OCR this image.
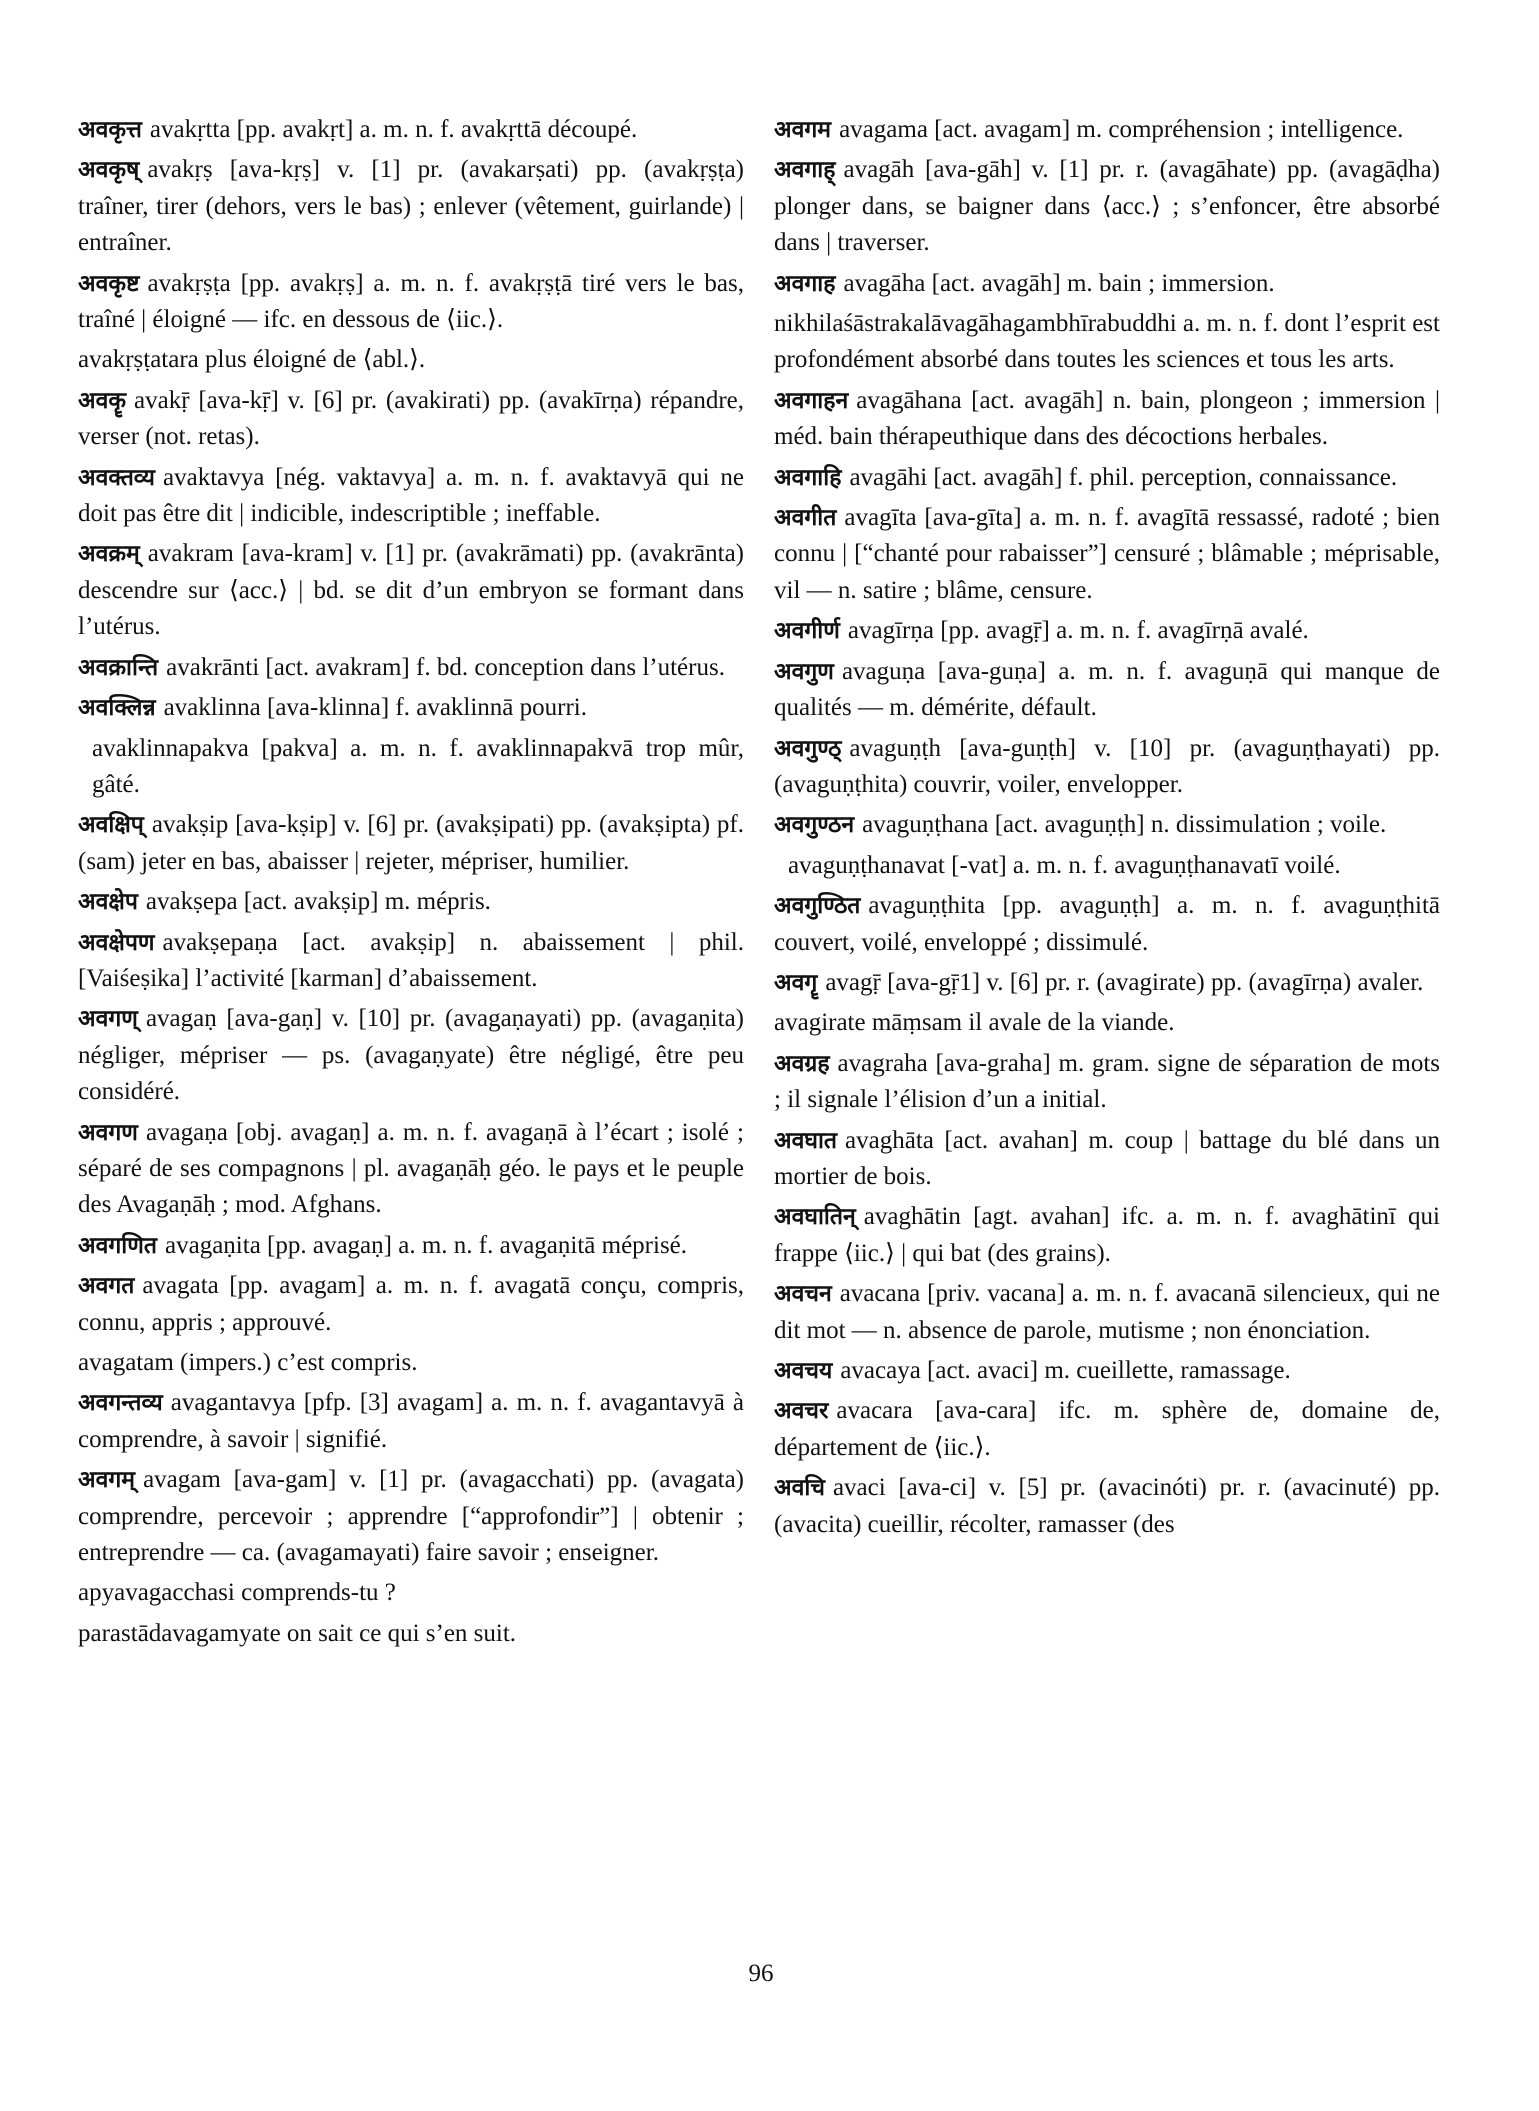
अवकृत्त avakṛtta [pp. avakṛt] a. m. n. f. avakṛttā découpé.

अवकृष् avakṛṣ [ava-kṛṣ] v. [1] pr. (avakarṣati) pp. (avakṛṣṭa) traîner, tirer (dehors, vers le bas) ; enlever (vêtement, guirlande) | entraîner.

अवकृष्ट avakṛṣṭa [pp. avakṛṣ] a. m. n. f. avakṛṣṭā tiré vers le bas, traîné | éloigné — ifc. en dessous de ⟨iic.⟩.

avakṛṣṭatara plus éloigné de ⟨abl.⟩.

अवकॄ avakṝ [ava-kṝ] v. [6] pr. (avakirati) pp. (avakīrṇa) répandre, verser (not. retas).

अवक्तव्य avaktavya [nég. vaktavya] a. m. n. f. avaktavyā qui ne doit pas être dit | indicible, indescriptible ; ineffable.

अवक्रम् avakram [ava-kram] v. [1] pr. (avakrāmati) pp. (avakrānta) descendre sur ⟨acc.⟩ | bd. se dit d’un embryon se formant dans l’utérus.

अवक्रान्ति avakrānti [act. avakram] f. bd. conception dans l’utérus.

अवक्लिन्न avaklinna [ava-klinna] f. avaklinnā pourri.

avaklinnapakva [pakva] a. m. n. f. avaklinnapakvā trop mûr, gâté.

अवक्षिप् avakṣip [ava-kṣip] v. [6] pr. (avakṣipati) pp. (avakṣipta) pf. (sam) jeter en bas, abaisser | rejeter, mépriser, humilier.

अवक्षेप avakṣepa [act. avakṣip] m. mépris.

अवक्षेपण avakṣepaṇa [act. avakṣip] n. abaissement | phil. [Vaiśeṣika] l’activité [karman] d’abaissement.

अवगण् avagaṇ [ava-gaṇ] v. [10] pr. (avagaṇayati) pp. (avagaṇita) négliger, mépriser — ps. (avagaṇyate) être négligé, être peu considéré.

अवगण avagaṇa [obj. avagaṇ] a. m. n. f. avagaṇā à l’écart ; isolé ; séparé de ses compagnons | pl. avagaṇāḥ géo. le pays et le peuple des Avagaṇāḥ ; mod. Afghans.

अवगणित avagaṇita [pp. avagaṇ] a. m. n. f. avagaṇitā méprisé.

अवगत avagata [pp. avagam] a. m. n. f. avagatā conçu, compris, connu, appris ; approuvé.

avagatam (impers.) c’est compris.

अवगन्तव्य avagantavya [pfp. [3] avagam] a. m. n. f. avagantavyā à comprendre, à savoir | signifié.

अवगम् avagam [ava-gam] v. [1] pr. (avagacchati) pp. (avagata) comprendre, percevoir ; apprendre [“approfondir”] | obtenir ; entreprendre — ca. (avagamayati) faire savoir ; enseigner.

apyavagacchasi comprends-tu ?

parastādavagamyate on sait ce qui s’en suit.

अवगम avagama [act. avagam] m. compréhension ; intelligence.

अवगाह् avagāh [ava-gāh] v. [1] pr. r. (avagāhate) pp. (avagāḍha) plonger dans, se baigner dans ⟨acc.⟩ ; s’enfoncer, être absorbé dans | traverser.

अवगाह avagāha [act. avagāh] m. bain ; immersion.

nikhilaśāstrakalāvagāhagambhīrabuddhi a. m. n. f. dont l’esprit est profondément absorbé dans toutes les sciences et tous les arts.

अवगाहन avagāhana [act. avagāh] n. bain, plongeon ; immersion | méd. bain thérapeuthique dans des décoctions herbales.

अवगाहि avagāhi [act. avagāh] f. phil. perception, connaissance.

अवगीत avagīta [ava-gīta] a. m. n. f. avagītā ressassé, radoté ; bien connu | [“chanté pour rabaisser”] censuré ; blâmable ; méprisable, vil — n. satire ; blâme, censure.

अवगीर्ण avagīrṇa [pp. avagṝ] a. m. n. f. avagīrṇā avalé.

अवगुण avaguṇa [ava-guṇa] a. m. n. f. avaguṇā qui manque de qualités — m. démérite, défault.

अवगुण्ठ् avaguṇṭh [ava-guṇṭh] v. [10] pr. (avaguṇṭhayati) pp. (avaguṇṭhita) couvrir, voiler, envelopper.

अवगुण्ठन avaguṇṭhana [act. avaguṇṭh] n. dissimulation ; voile.

avaguṇṭhanavat [-vat] a. m. n. f. avaguṇṭhanavatī voilé.

अवगुण्ठित avaguṇṭhita [pp. avaguṇṭh] a. m. n. f. avaguṇṭhitā couvert, voilé, enveloppé ; dissimulé.

अवगॄ avagṝ [ava-gṝ1] v. [6] pr. r. (avagirate) pp. (avagīrṇa) avaler.

avagirate māṃsam il avale de la viande.

अवग्रह avagraha [ava-graha] m. gram. signe de séparation de mots ; il signale l’élision d’un a initial.

अवघात avaghāta [act. avahan] m. coup | battage du blé dans un mortier de bois.

अवघातिन् avaghātin [agt. avahan] ifc. a. m. n. f. avaghātinī qui frappe ⟨iic.⟩ | qui bat (des grains).

अवचन avacana [priv. vacana] a. m. n. f. avacanā silencieux, qui ne dit mot — n. absence de parole, mutisme ; non énonciation.

अवचय avacaya [act. avaci] m. cueillette, ramassage.

अवचर avacara [ava-cara] ifc. m. sphère de, domaine de, département de ⟨iic.⟩.

अवचि avaci [ava-ci] v. [5] pr. (avacinóti) pr. r. (avacinuté) pp. (avacita) cueillir, récolter, ramasser (des

96
